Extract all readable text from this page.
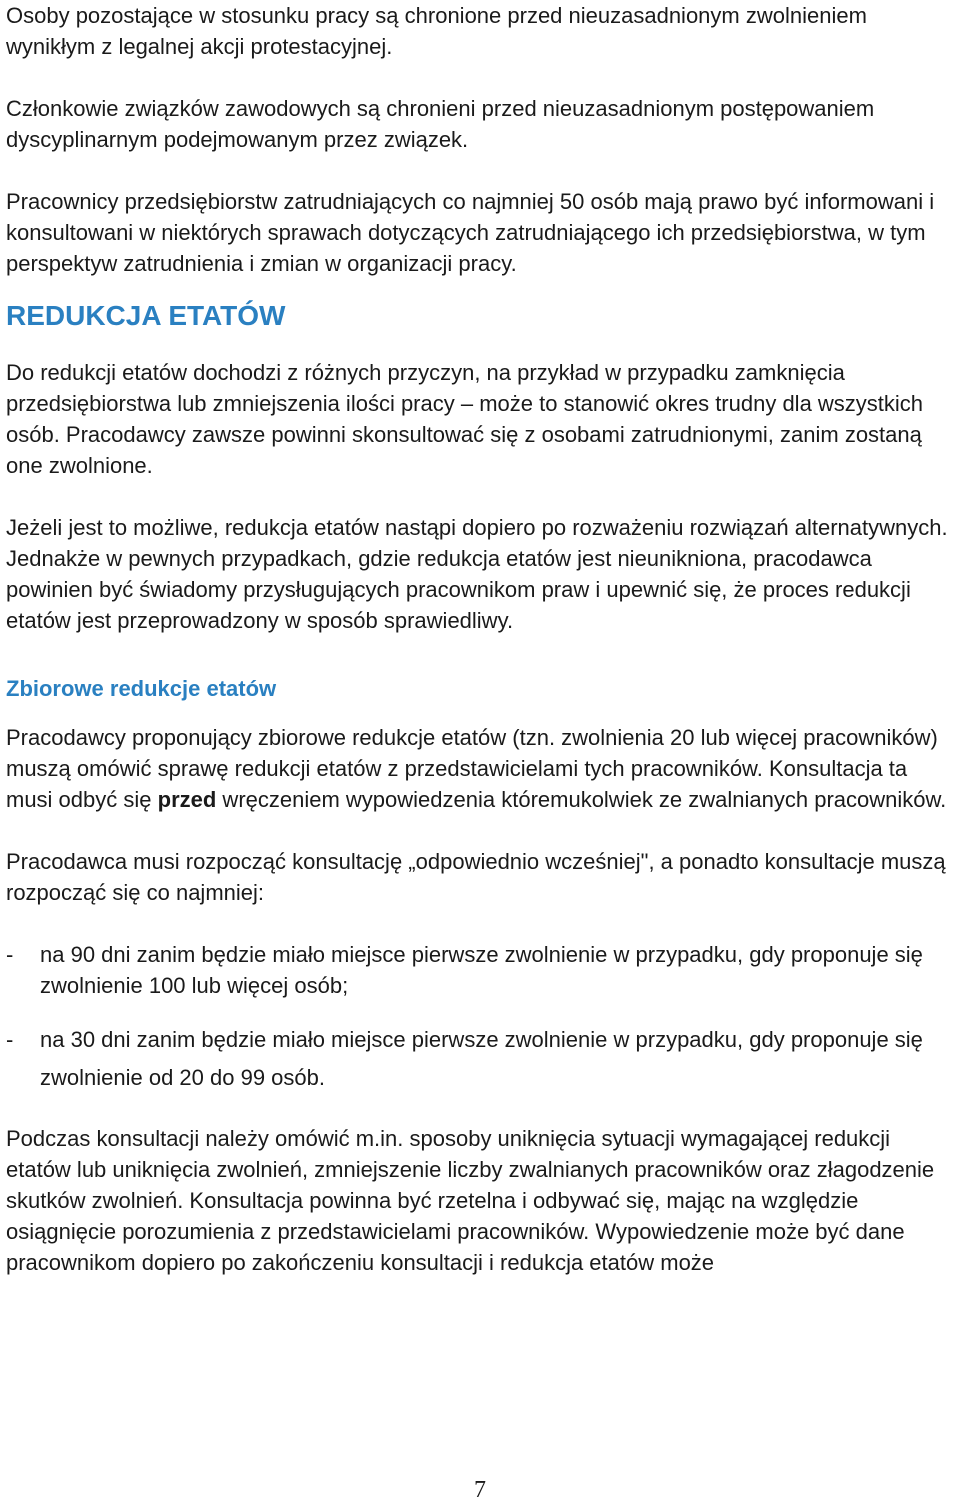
Osoby pozostające w stosunku pracy są chronione przed nieuzasadnionym zwolnieniem wynikłym z legalnej akcji protestacyjnej.

Członkowie związków zawodowych są chronieni przed nieuzasadnionym postępowaniem dyscyplinarnym podejmowanym przez związek.

Pracownicy przedsiębiorstw zatrudniających co najmniej 50 osób mają prawo być informowani i konsultowani w niektórych sprawach dotyczących zatrudniającego ich przedsiębiorstwa, w tym perspektyw zatrudnienia i zmian w organizacji pracy.

REDUKCJA ETATÓW

Do redukcji etatów dochodzi z różnych przyczyn, na przykład w przypadku zamknięcia przedsiębiorstwa lub zmniejszenia ilości pracy – może to stanowić okres trudny dla wszystkich osób. Pracodawcy zawsze powinni skonsultować się z osobami zatrudnionymi, zanim zostaną one zwolnione.

Jeżeli jest to możliwe, redukcja etatów nastąpi dopiero po rozważeniu rozwiązań alternatywnych. Jednakże w pewnych przypadkach, gdzie redukcja etatów jest nieunikniona, pracodawca powinien być świadomy przysługujących pracownikom praw i upewnić się, że proces redukcji etatów jest przeprowadzony w sposób sprawiedliwy.

Zbiorowe redukcje etatów

Pracodawcy proponujący zbiorowe redukcje etatów (tzn. zwolnienia 20 lub więcej pracowników) muszą omówić sprawę redukcji etatów z przedstawicielami tych pracowników. Konsultacja ta musi odbyć się przed wręczeniem wypowiedzenia któremukolwiek ze zwalnianych pracowników.

Pracodawca musi rozpocząć konsultację „odpowiednio wcześniej", a ponadto konsultacje muszą rozpocząć się co najmniej:

- na 90 dni zanim będzie miało miejsce pierwsze zwolnienie w przypadku, gdy proponuje się zwolnienie 100 lub więcej osób;
- na 30 dni zanim będzie miało miejsce pierwsze zwolnienie w przypadku, gdy proponuje się zwolnienie od 20 do 99 osób.

Podczas konsultacji należy omówić m.in. sposoby uniknięcia sytuacji wymagającej redukcji etatów lub uniknięcia zwolnień, zmniejszenie liczby zwalnianych pracowników oraz złagodzenie skutków zwolnień. Konsultacja powinna być rzetelna i odbywać się, mając na względzie osiągnięcie porozumienia z przedstawicielami pracowników. Wypowiedzenie może być dane pracownikom dopiero po zakończeniu konsultacji i redukcja etatów może

7
